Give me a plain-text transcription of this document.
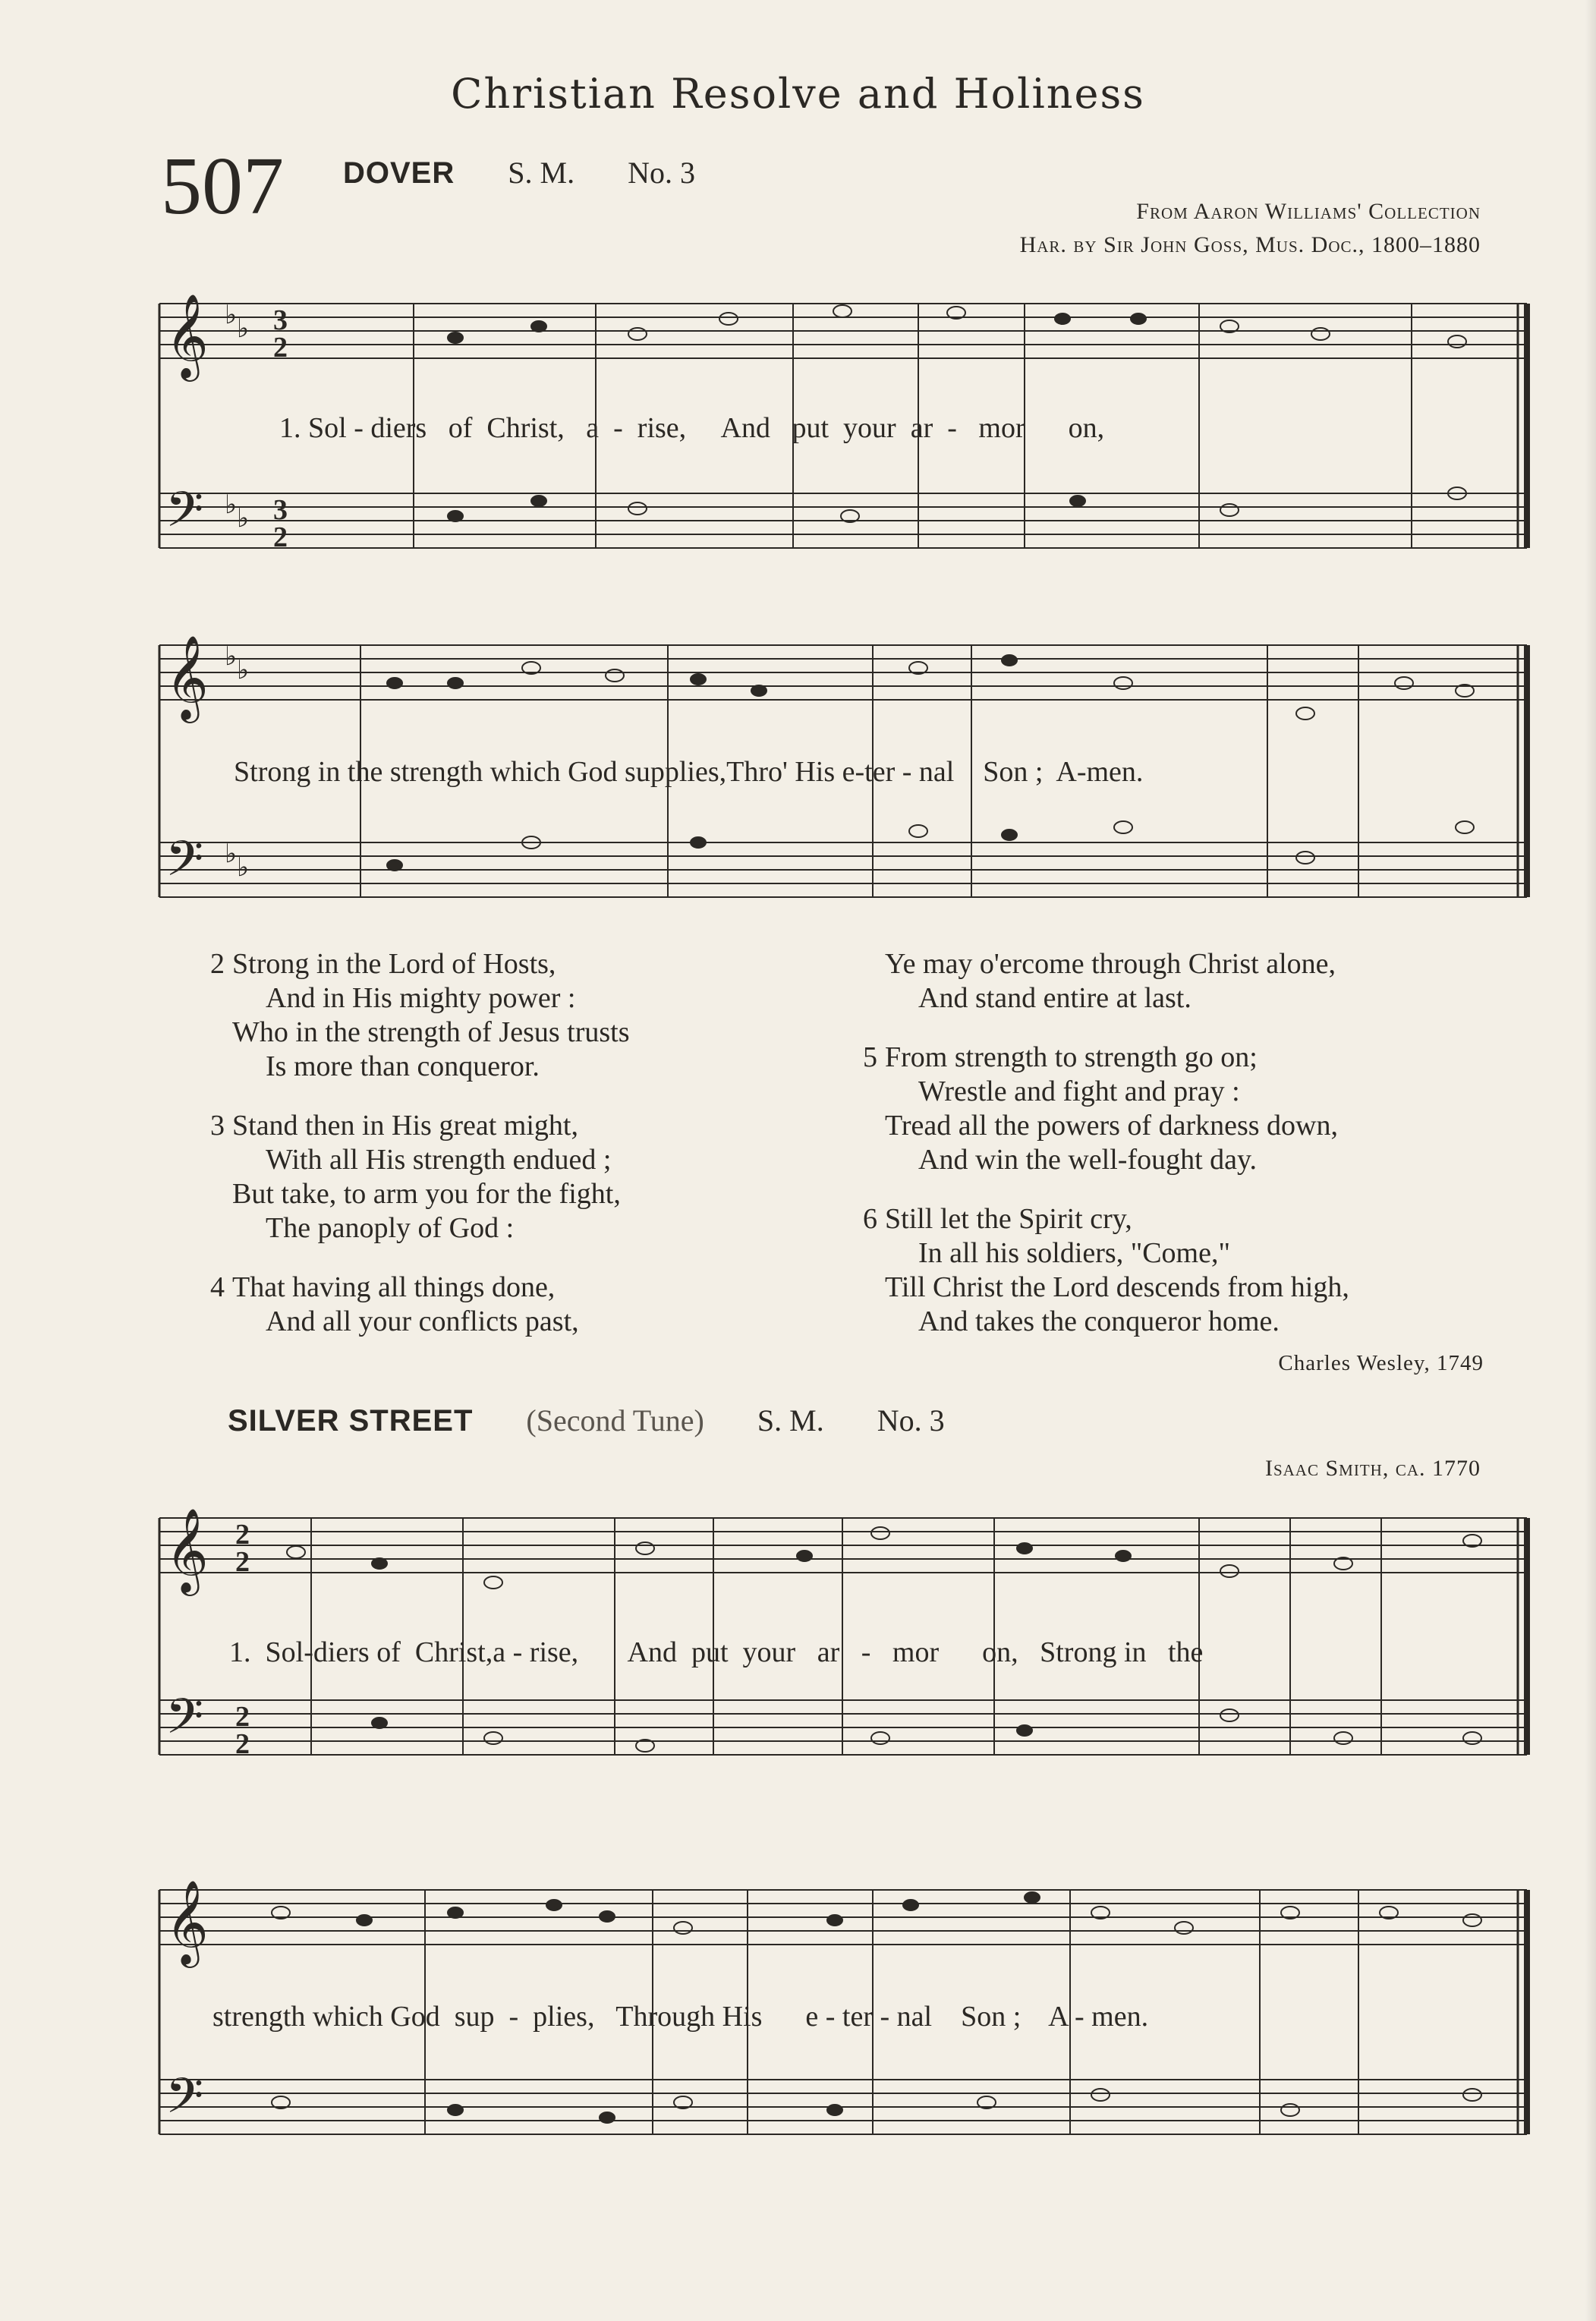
Christian Resolve and Holiness
507 DOVER S. M. No. 3
From Aaron Williams' Collection
Har. by Sir John Goss, Mus. Doc., 1800–1880
𝄞
𝄢
𝄞
𝄢
𝄞
𝄢
𝄞
𝄢
♭ ♭
♭ ♭
♭ ♭
♭ ♭
3
2
3
2
2
2
2
2
1. Sol - diers   of  Christ,   a  -  rise,     And   put  your  ar  -   mor      on,
Strong in the strength which God supplies,Thro' His e-ter - nal    Son ;  A-men.
2 Strong in the Lord of Hosts,
And in His mighty power :
Who in the strength of Jesus trusts
Is more than conqueror.
3 Stand then in His great might,
With all His strength endued ;
But take, to arm you for the fight,
The panoply of God :
4 That having all things done,
And all your conflicts past,
Ye may o'ercome through Christ alone,
And stand entire at last.
5 From strength to strength go on;
Wrestle and fight and pray :
Tread all the powers of darkness down,
And win the well-fought day.
6 Still let the Spirit cry,
In all his soldiers, "Come,"
Till Christ the Lord descends from high,
And takes the conqueror home.
Charles Wesley, 1749
SILVER STREET (Second Tune) S. M. No. 3
Isaac Smith, ca. 1770
1.  Sol-diers of  Christ,a - rise,       And  put  your   ar   -   mor      on,   Strong in   the
strength which God  sup  -  plies,   Through His      e - ter - nal    Son ;    A - men.
